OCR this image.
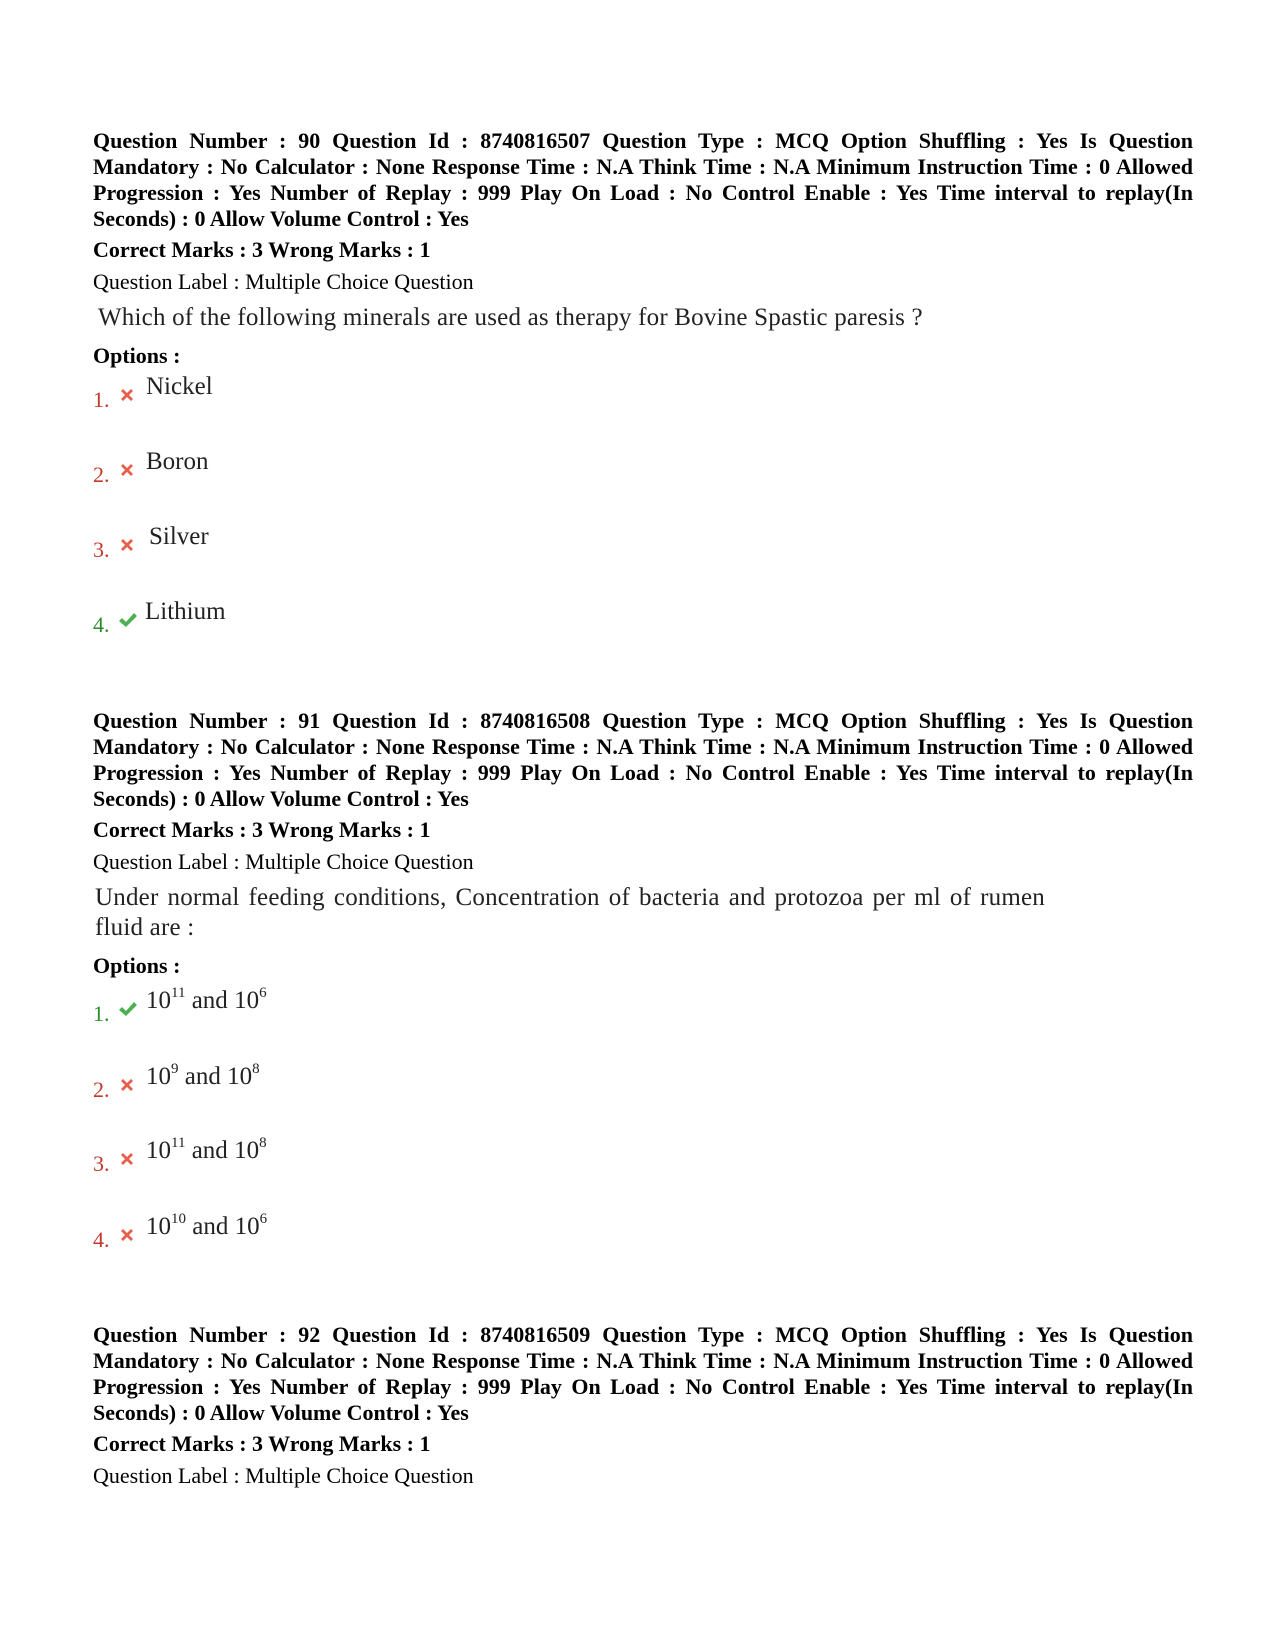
Question Number : 90 Question Id : 8740816507 Question Type : MCQ Option Shuffling : Yes Is Question Mandatory : No Calculator : None Response Time : N.A Think Time : N.A Minimum Instruction Time : 0 Allowed Progression : Yes Number of Replay : 999 Play On Load : No Control Enable : Yes Time interval to replay(In Seconds) : 0 Allow Volume Control : Yes

Correct Marks : 3 Wrong Marks : 1

Question Label : Multiple Choice Question

Which of the following minerals are used as therapy for Bovine Spastic paresis ?

Options :

1. Nickel
2. Boron
3. Silver
4. Lithium

Question Number : 91 Question Id : 8740816508 Question Type : MCQ Option Shuffling : Yes Is Question Mandatory : No Calculator : None Response Time : N.A Think Time : N.A Minimum Instruction Time : 0 Allowed Progression : Yes Number of Replay : 999 Play On Load : No Control Enable : Yes Time interval to replay(In Seconds) : 0 Allow Volume Control : Yes

Correct Marks : 3 Wrong Marks : 1

Question Label : Multiple Choice Question

Under normal feeding conditions, Concentration of bacteria and protozoa per ml of rumen fluid are :

Options :

1. $10^{11}$ and $10^6$
2. $10^9$ and $10^8$
3. $10^{11}$ and $10^8$
4. $10^{10}$ and $10^6$

Question Number : 92 Question Id : 8740816509 Question Type : MCQ Option Shuffling : Yes Is Question Mandatory : No Calculator : None Response Time : N.A Think Time : N.A Minimum Instruction Time : 0 Allowed Progression : Yes Number of Replay : 999 Play On Load : No Control Enable : Yes Time interval to replay(In Seconds) : 0 Allow Volume Control : Yes

Correct Marks : 3 Wrong Marks : 1

Question Label : Multiple Choice Question
